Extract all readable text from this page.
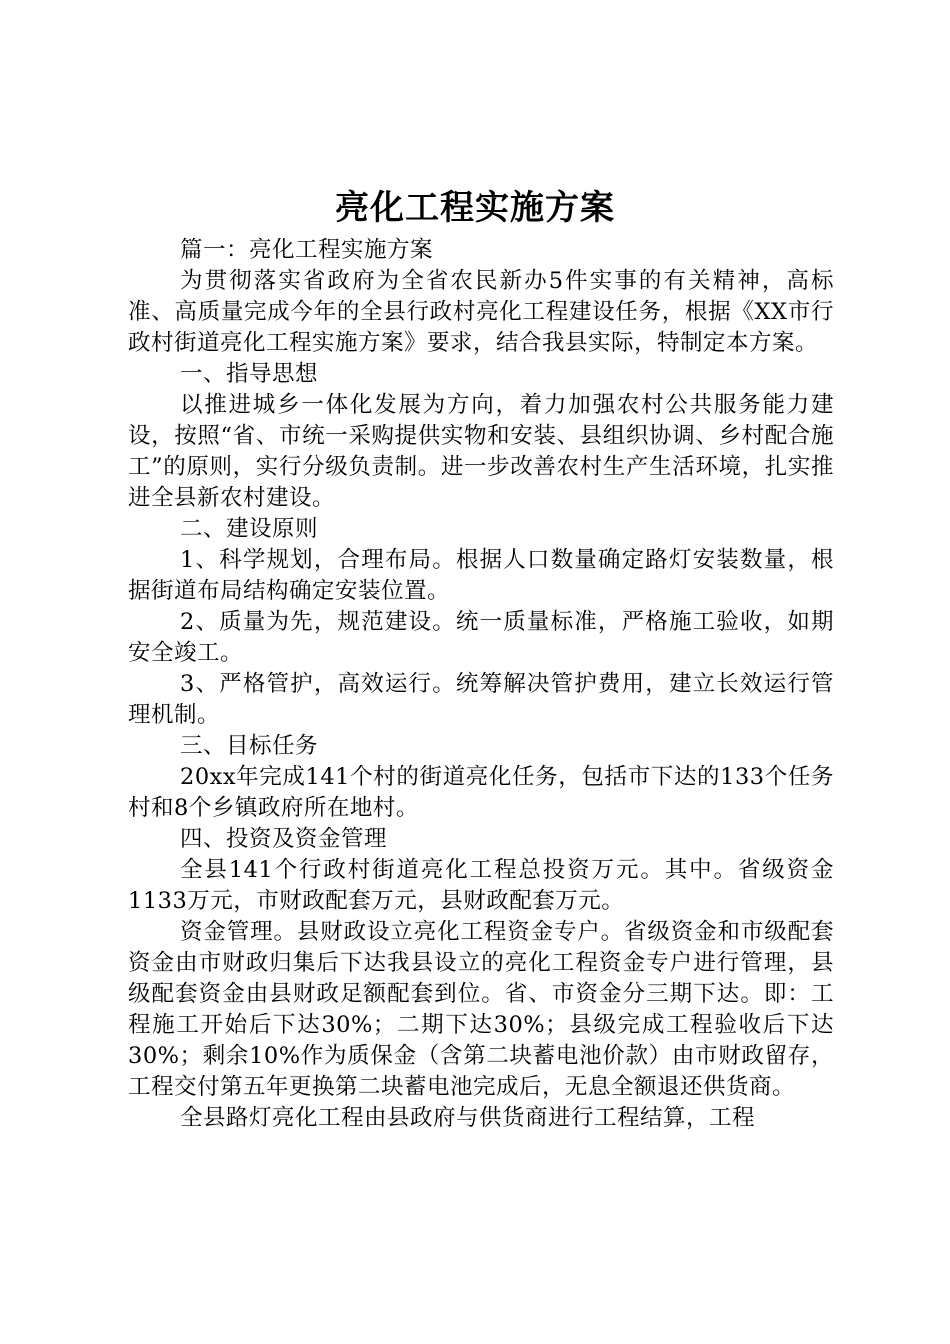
亮化工程实施方案

篇一：亮化工程实施方案

为贯彻落实省政府为全省农民新办5件实事的有关精神，高标准、高质量完成今年的全县行政村亮化工程建设任务，根据《XX市行政村街道亮化工程实施方案》要求，结合我县实际，特制定本方案。

一、指导思想

以推进城乡一体化发展为方向，着力加强农村公共服务能力建设，按照“省、市统一采购提供实物和安装、县组织协调、乡村配合施工”的原则，实行分级负责制。进一步改善农村生产生活环境，扎实推进全县新农村建设。

二、建设原则

1、科学规划，合理布局。根据人口数量确定路灯安装数量，根据街道布局结构确定安装位置。

2、质量为先，规范建设。统一质量标准，严格施工验收，如期安全竣工。

3、严格管护，高效运行。统筹解决管护费用，建立长效运行管理机制。

三、目标任务

20xx年完成141个村的街道亮化任务，包括市下达的133个任务村和8个乡镇政府所在地村。

四、投资及资金管理

全县141个行政村街道亮化工程总投资万元。其中。省级资金1133万元，市财政配套万元，县财政配套万元。

资金管理。县财政设立亮化工程资金专户。省级资金和市级配套资金由市财政归集后下达我县设立的亮化工程资金专户进行管理，县级配套资金由县财政足额配套到位。省、市资金分三期下达。即：工程施工开始后下达30%；二期下达30%；县级完成工程验收后下达30%；剩余10%作为质保金（含第二块蓄电池价款）由市财政留存，工程交付第五年更换第二块蓄电池完成后，无息全额退还供货商。

全县路灯亮化工程由县政府与供货商进行工程结算，工程
